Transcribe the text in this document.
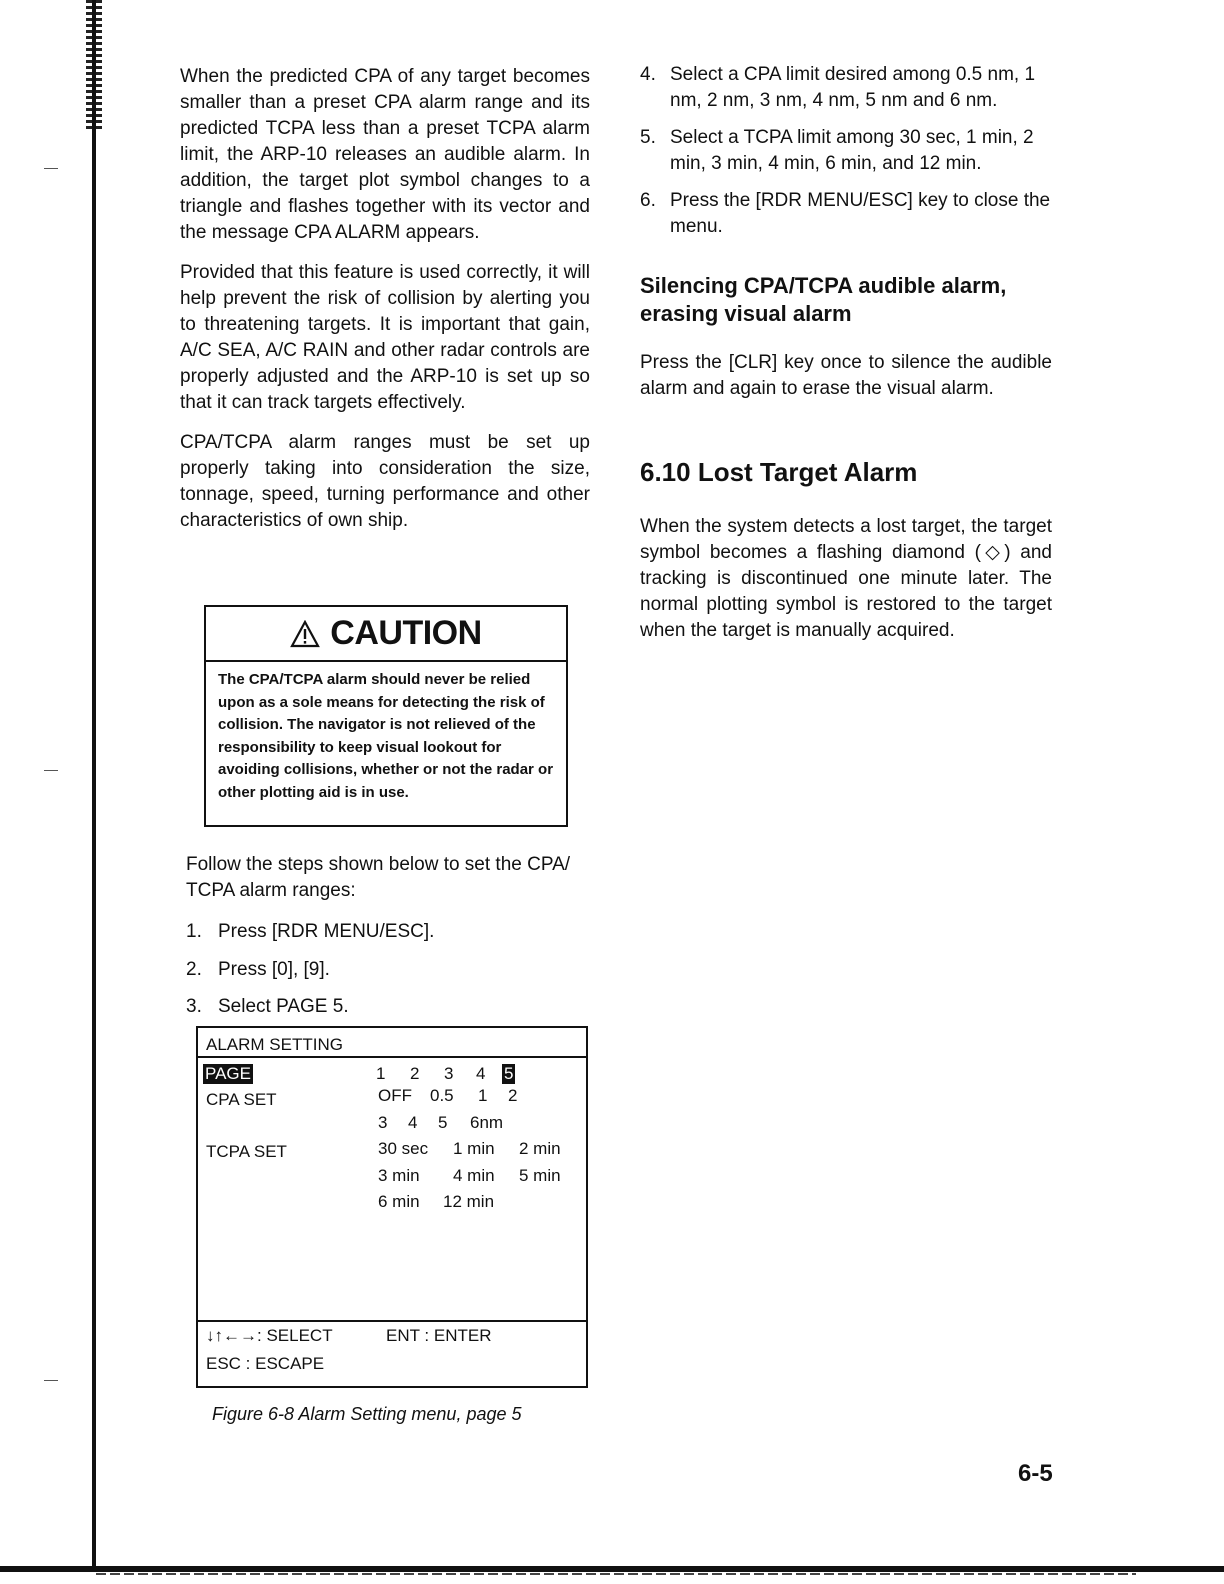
When the predicted CPA of any target becomes smaller than a preset CPA alarm range and its predicted TCPA less than a preset TCPA alarm limit, the ARP-10 releases an audible alarm. In addition, the target plot symbol changes to a triangle and flashes together with its vector and the message CPA ALARM appears.

Provided that this feature is used correctly, it will help prevent the risk of collision by alerting you to threatening targets. It is important that gain, A/C SEA, A/C RAIN and other radar controls are properly adjusted and the ARP-10 is set up so that it can track targets effectively.

CPA/TCPA alarm ranges must be set up properly taking into consideration the size, tonnage, speed, turning performance and other characteristics of own ship.

CAUTION
The CPA/TCPA alarm should never be relied upon as a sole means for detecting the risk of collision. The navigator is not relieved of the responsibility to keep visual lookout for avoiding collisions, whether or not the radar or other plotting aid is in use.
Follow the steps shown below to set the CPA/ TCPA alarm ranges:
1. Press [RDR MENU/ESC].
2. Press [0], [9].
3. Select PAGE 5.
ALARM SETTING
PAGE	1 2 3 4 5
CPA SET	OFF 0.5 1 2
3 4 5 6nm
TCPA SET	30 sec 1 min 2 min
3 min 4 min 5 min
6 min 12 min
↓↑←→: SELECT	ENT : ENTER
ESC : ESCAPE
Figure 6-8 Alarm Setting menu, page 5
4. Select a CPA limit desired among 0.5 nm, 1 nm, 2 nm, 3 nm, 4 nm, 5 nm and 6 nm.
5. Select a TCPA limit among 30 sec, 1 min, 2 min, 3 min, 4 min, 6 min, and 12 min.
6. Press the [RDR MENU/ESC] key to close the menu.
Silencing CPA/TCPA audible alarm, erasing visual alarm

Press the [CLR] key once to silence the audible alarm and again to erase the visual alarm.

6.10 Lost Target Alarm

When the system detects a lost target, the target symbol becomes a flashing diamond (◇) and tracking is discontinued one minute later. The normal plotting symbol is restored to the target when the target is manually acquired.

6-5
